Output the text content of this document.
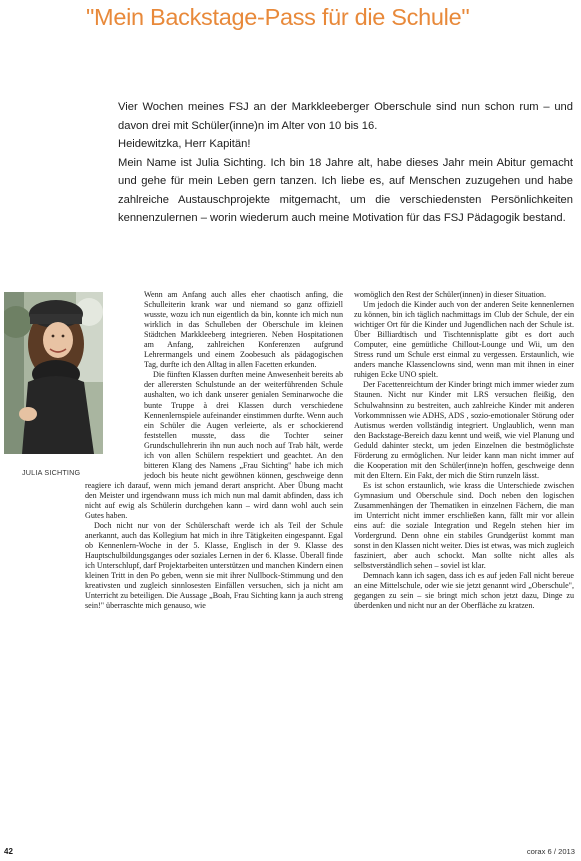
"Mein Backstage-Pass für die Schule"

Vier Wochen meines FSJ an der Markkleeberger Oberschule sind nun schon rum – und davon drei mit Schüler(inne)n im Alter von 10 bis 16.

Heidewitzka, Herr Kapitän!

Mein Name ist Julia Sichting. Ich bin 18 Jahre alt, habe dieses Jahr mein Abitur gemacht und gehe für mein Leben gern tanzen. Ich liebe es, auf Menschen zuzugehen und habe zahlreiche Austauschprojekte mitgemacht, um die verschiedensten Persönlichkeiten kennenzulernen – worin wiederum auch meine Motivation für das FSJ Pädagogik bestand.

JULIA SICHTING

Wenn am Anfang auch alles eher chaotisch anfing, die Schulleiterin krank war und niemand so ganz offiziell wusste, wozu ich nun eigentlich da bin, konnte ich mich nun wirklich in das Schulleben der Oberschule im kleinen Städtchen Markkleeberg integrieren. Neben Hospitationen am Anfang, zahlreichen Konferenzen aufgrund Lehrermangels und einem Zoobesuch als pädagogischen Tag, durfte ich den Alltag in allen Facetten erkunden.

Die fünften Klassen durften meine Anwesenheit bereits ab der allerersten Schulstunde an der weiterführenden Schule aushalten, wo ich dank unserer genialen Seminarwoche die bunte Truppe à drei Klassen durch verschiedene Kennenlernspiele aufeinander einstimmen durfte. Wenn auch ein Schüler die Augen verleierte, als er schockierend feststellen musste, dass die Tochter seiner Grundschullehrerin ihn nun auch noch auf Trab hält, werde ich von allen Schülern respektiert und geachtet. An den bitteren Klang des Namens „Frau Sichting" habe ich mich jedoch bis heute nicht gewöhnen können, geschweige denn reagiere ich darauf, wenn mich jemand derart anspricht. Aber Übung macht den Meister und irgendwann muss ich mich nun mal damit abfinden, dass ich nicht auf ewig als Schülerin durchgehen kann – wird dann wohl auch sein Gutes haben.

Doch nicht nur von der Schülerschaft werde ich als Teil der Schule anerkannt, auch das Kollegium hat mich in ihre Tätigkeiten eingespannt. Egal ob Kennenlern-Woche in der 5. Klasse, Englisch in der 9. Klasse des Hauptschulbildungsganges oder soziales Lernen in der 6. Klasse. Überall finde ich Unterschlupf, darf Projektarbeiten unterstützen und manchen Kindern einen kleinen Tritt in den Po geben, wenn sie mit ihrer Nullbock-Stimmung und den kreativsten und zugleich sinnlosesten Einfällen versuchen, sich ja nicht am Unterricht zu beteiligen. Die Aussage „Boah, Frau Sichting kann ja auch streng sein!" überraschte mich genauso, wie

womöglich den Rest der Schüler(innen) in dieser Situation.

Um jedoch die Kinder auch von der anderen Seite kennenlernen zu können, bin ich täglich nachmittags im Club der Schule, der ein wichtiger Ort für die Kinder und Jugendlichen nach der Schule ist. Über Billiardtisch und Tischtennisplatte gibt es dort auch Computer, eine gemütliche Chillout-Lounge und Wii, um den Stress rund um Schule erst einmal zu vergessen. Erstaunlich, wie anders manche Klassenclowns sind, wenn man mit ihnen in einer ruhigen Ecke UNO spielt.

Der Facettenreichtum der Kinder bringt mich immer wieder zum Staunen. Nicht nur Kinder mit LRS versuchen fleißig, den Schulwahnsinn zu bestreiten, auch zahlreiche Kinder mit anderen Vorkommnissen wie ADHS, ADS , sozio-emotionaler Störung oder Autismus werden vollständig integriert. Unglaublich, wenn man den Backstage-Bereich dazu kennt und weiß, wie viel Planung und Geduld dahinter steckt, um jeden Einzelnen die bestmöglichste Förderung zu ermöglichen. Nur leider kann man nicht immer auf die Kooperation mit den Schüler(inne)n hoffen, geschweige denn mit den Eltern. Ein Fakt, der mich die Stirn runzeln lässt.

Es ist schon erstaunlich, wie krass die Unterschiede zwischen Gymnasium und Oberschule sind. Doch neben den logischen Zusammenhängen der Thematiken in einzelnen Fächern, die man im Unterricht nicht immer erschließen kann, fällt mir vor allein eins auf: die soziale Integration und Regeln stehen hier im Vordergrund. Denn ohne ein stabiles Grundgerüst kommt man sonst in den Klassen nicht weiter. Dies ist etwas, was mich zugleich fasziniert, aber auch schockt. Man sollte nicht alles als selbstverständlich sehen – soviel ist klar.

Demnach kann ich sagen, dass ich es auf jeden Fall nicht bereue an eine Mittelschule, oder wie sie jetzt genannt wird „Oberschule", gegangen zu sein – sie bringt mich schon jetzt dazu, Dinge zu überdenken und nicht nur an der Oberfläche zu kratzen.

42	corax 6 / 2013
